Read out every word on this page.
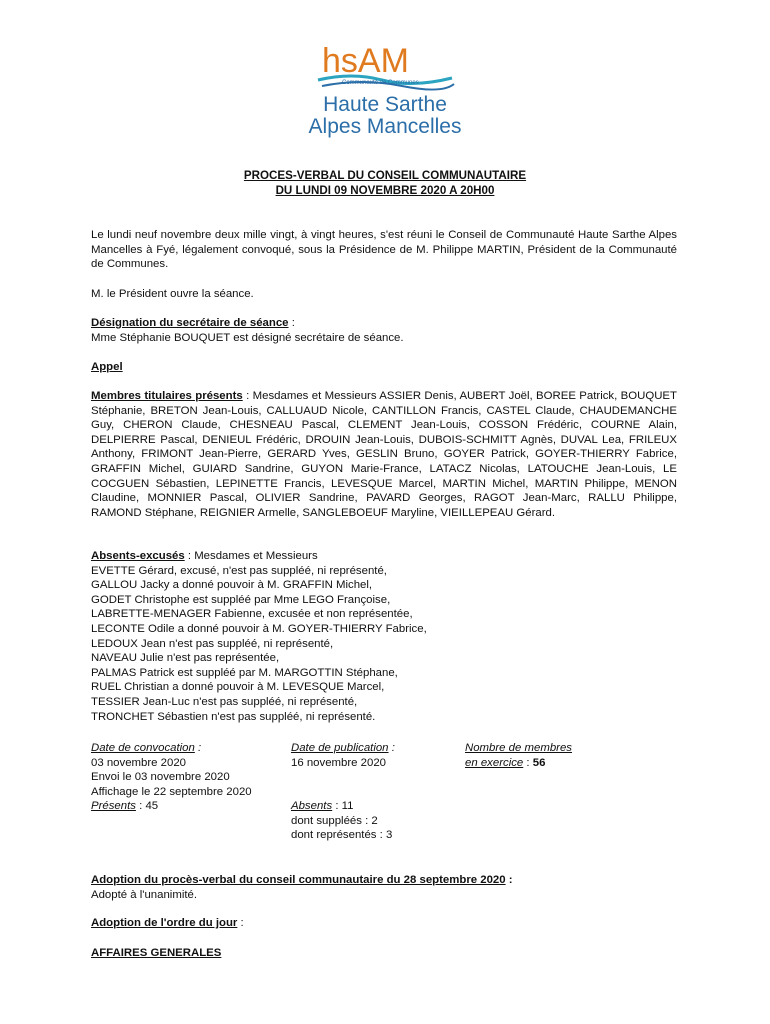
hsAM
Communauté de Communes
Haute Sarthe
Alpes Mancelles
PROCES-VERBAL DU CONSEIL COMMUNAUTAIRE
DU LUNDI 09 NOVEMBRE 2020 A 20H00
Le lundi neuf novembre deux mille vingt, à vingt heures, s'est réuni le Conseil de Communauté Haute Sarthe Alpes Mancelles à Fyé, légalement convoqué, sous la Présidence de M. Philippe MARTIN, Président de la Communauté de Communes.
M. le Président ouvre la séance.
Désignation du secrétaire de séance :
Mme Stéphanie BOUQUET est désigné secrétaire de séance.
Appel
Membres titulaires présents : Mesdames et Messieurs ASSIER Denis, AUBERT Joël, BOREE Patrick, BOUQUET Stéphanie, BRETON Jean-Louis, CALLUAUD Nicole, CANTILLON Francis, CASTEL Claude, CHAUDEMANCHE Guy, CHERON Claude, CHESNEAU Pascal, CLEMENT Jean-Louis, COSSON Frédéric, COURNE Alain, DELPIERRE Pascal, DENIEUL Frédéric, DROUIN Jean-Louis, DUBOIS-SCHMITT Agnès, DUVAL Lea, FRILEUX Anthony, FRIMONT Jean-Pierre, GERARD Yves, GESLIN Bruno, GOYER Patrick, GOYER-THIERRY Fabrice, GRAFFIN Michel, GUIARD Sandrine, GUYON Marie-France, LATACZ Nicolas, LATOUCHE Jean-Louis, LE COCGUEN Sébastien, LEPINETTE Francis, LEVESQUE Marcel, MARTIN Michel, MARTIN Philippe, MENON Claudine, MONNIER Pascal, OLIVIER Sandrine, PAVARD Georges, RAGOT Jean-Marc, RALLU Philippe, RAMOND Stéphane, REIGNIER Armelle, SANGLEBOEUF Maryline, VIEILLEPEAU Gérard.
Absents-excusés : Mesdames et Messieurs
EVETTE Gérard, excusé, n'est pas suppléé, ni représenté,
GALLOU Jacky a donné pouvoir à M. GRAFFIN Michel,
GODET Christophe est suppléé par Mme LEGO Françoise,
LABRETTE-MENAGER Fabienne, excusée et non représentée,
LECONTE Odile a donné pouvoir à M. GOYER-THIERRY Fabrice,
LEDOUX Jean n'est pas suppléé, ni représenté,
NAVEAU Julie n'est pas représentée,
PALMAS Patrick est suppléé par M. MARGOTTIN Stéphane,
RUEL Christian a donné pouvoir à M. LEVESQUE Marcel,
TESSIER Jean-Luc n'est pas suppléé, ni représenté,
TRONCHET Sébastien n'est pas suppléé, ni représenté.
Date de convocation :
03 novembre 2020
Envoi le 03 novembre 2020
Affichage le 22 septembre 2020
Présents : 45
Date de publication :
16 novembre 2020
Absents : 11
dont suppléés : 2
dont représentés : 3
Nombre de membres
en exercice : 56
Adoption du procès-verbal du conseil communautaire du 28 septembre 2020 :
Adopté à l'unanimité.
Adoption de l'ordre du jour :
AFFAIRES GENERALES
